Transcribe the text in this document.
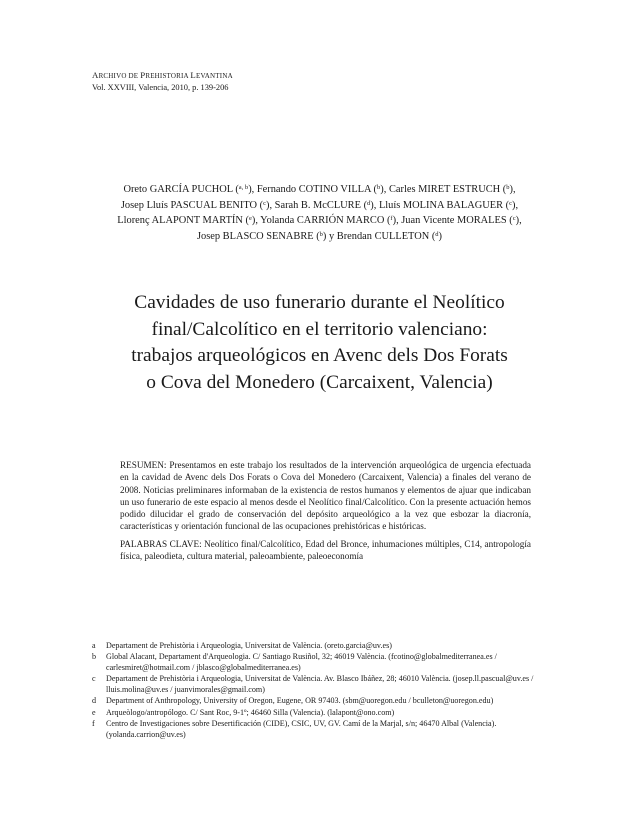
ARCHIVO DE PREHISTORIA LEVANTINA
Vol. XXVIII, Valencia, 2010, p. 139-206
Oreto GARCÍA PUCHOL ($^{a, b}$), Fernando COTINO VILLA ($^b$), Carles MIRET ESTRUCH ($^b$),
Josep Lluís PASCUAL BENITO ($^c$), Sarah B. McCLURE ($^d$), Lluís MOLINA BALAGUER ($^c$),
Llorenç ALAPONT MARTÍN ($^e$), Yolanda CARRIÓN MARCO ($^f$), Juan Vicente MORALES ($^c$),
Josep BLASCO SENABRE ($^b$) y Brendan CULLETON ($^d$)
Cavidades de uso funerario durante el Neolítico
final/Calcolítico en el territorio valenciano:
trabajos arqueológicos en Avenc dels Dos Forats
o Cova del Monedero (Carcaixent, Valencia)

RESUMEN: Presentamos en este trabajo los resultados de la intervención arqueológica de urgencia efectuada en la cavidad de Avenc dels Dos Forats o Cova del Monedero (Carcaixent, Valencia) a finales del verano de 2008. Noticias preliminares informaban de la existencia de restos humanos y elementos de ajuar que indicaban un uso funerario de este espacio al menos desde el Neolítico final/Calcolítico. Con la presente actuación hemos podido dilucidar el grado de conservación del depósito arqueológico a la vez que esbozar la diacronía, características y orientación funcional de las ocupaciones prehistóricas e históricas.

PALABRAS CLAVE: Neolítico final/Calcolítico, Edad del Bronce, inhumaciones múltiples, C14, antropología física, paleodieta, cultura material, paleoambiente, paleoeconomía

a	Departament de Prehistòria i Arqueologia, Universitat de València. (oreto.garcia@uv.es)
b	Global Alacant, Departament d'Arqueologia. C/ Santiago Rusiñol, 32; 46019 València. (fcotino@globalmediterranea.es / carlesmiret@hotmail.com / jblasco@globalmediterranea.es)
c	Departament de Prehistòria i Arqueologia, Universitat de València. Av. Blasco Ibáñez, 28; 46010 València. (josep.ll.pascual@uv.es / lluis.molina@uv.es / juanvimorales@gmail.com)
d	Department of Anthropology, University of Oregon, Eugene, OR 97403. (sbm@uoregon.edu / bculleton@uoregon.edu)
e	Arqueòlogo/antropólogo. C/ Sant Roc, 9-1º; 46460 Silla (Valencia). (lalapont@ono.com)
f	Centro de Investigaciones sobre Desertificación (CIDE), CSIC, UV, GV. Camí de la Marjal, s/n; 46470 Albal (Valencia). (yolanda.carrion@uv.es)
